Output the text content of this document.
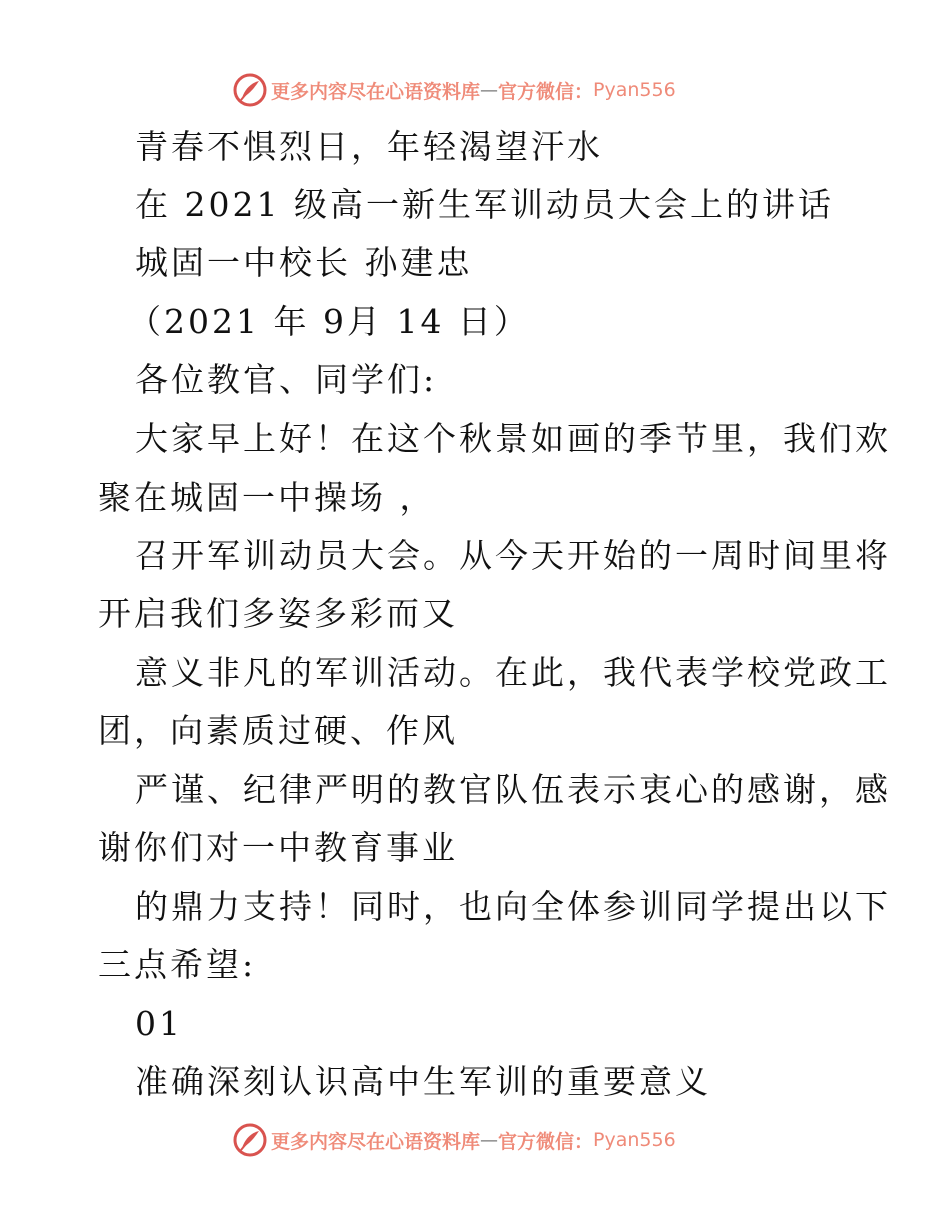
更多内容尽在心语资料库 — 官方微信： Pyan556
青春不惧烈日，年轻渴望汗水
在 2021 级高一新生军训动员大会上的讲话
城固一中校长 孙建忠
（2021 年 9月 14 日）
各位教官、同学们:
大家早上好！在这个秋景如画的季节里，我们欢
聚在城固一中操场 ，
召开军训动员大会。从今天开始的一周时间里将
开启我们多姿多彩而又
意义非凡的军训活动。在此，我代表学校党政工
团，向素质过硬、作风
严谨、纪律严明的教官队伍表示衷心的感谢，感
谢你们对一中教育事业
的鼎力支持！同时，也向全体参训同学提出以下
三点希望:
01
准确深刻认识高中生军训的重要意义
更多内容尽在心语资料库 — 官方微信： Pyan556
